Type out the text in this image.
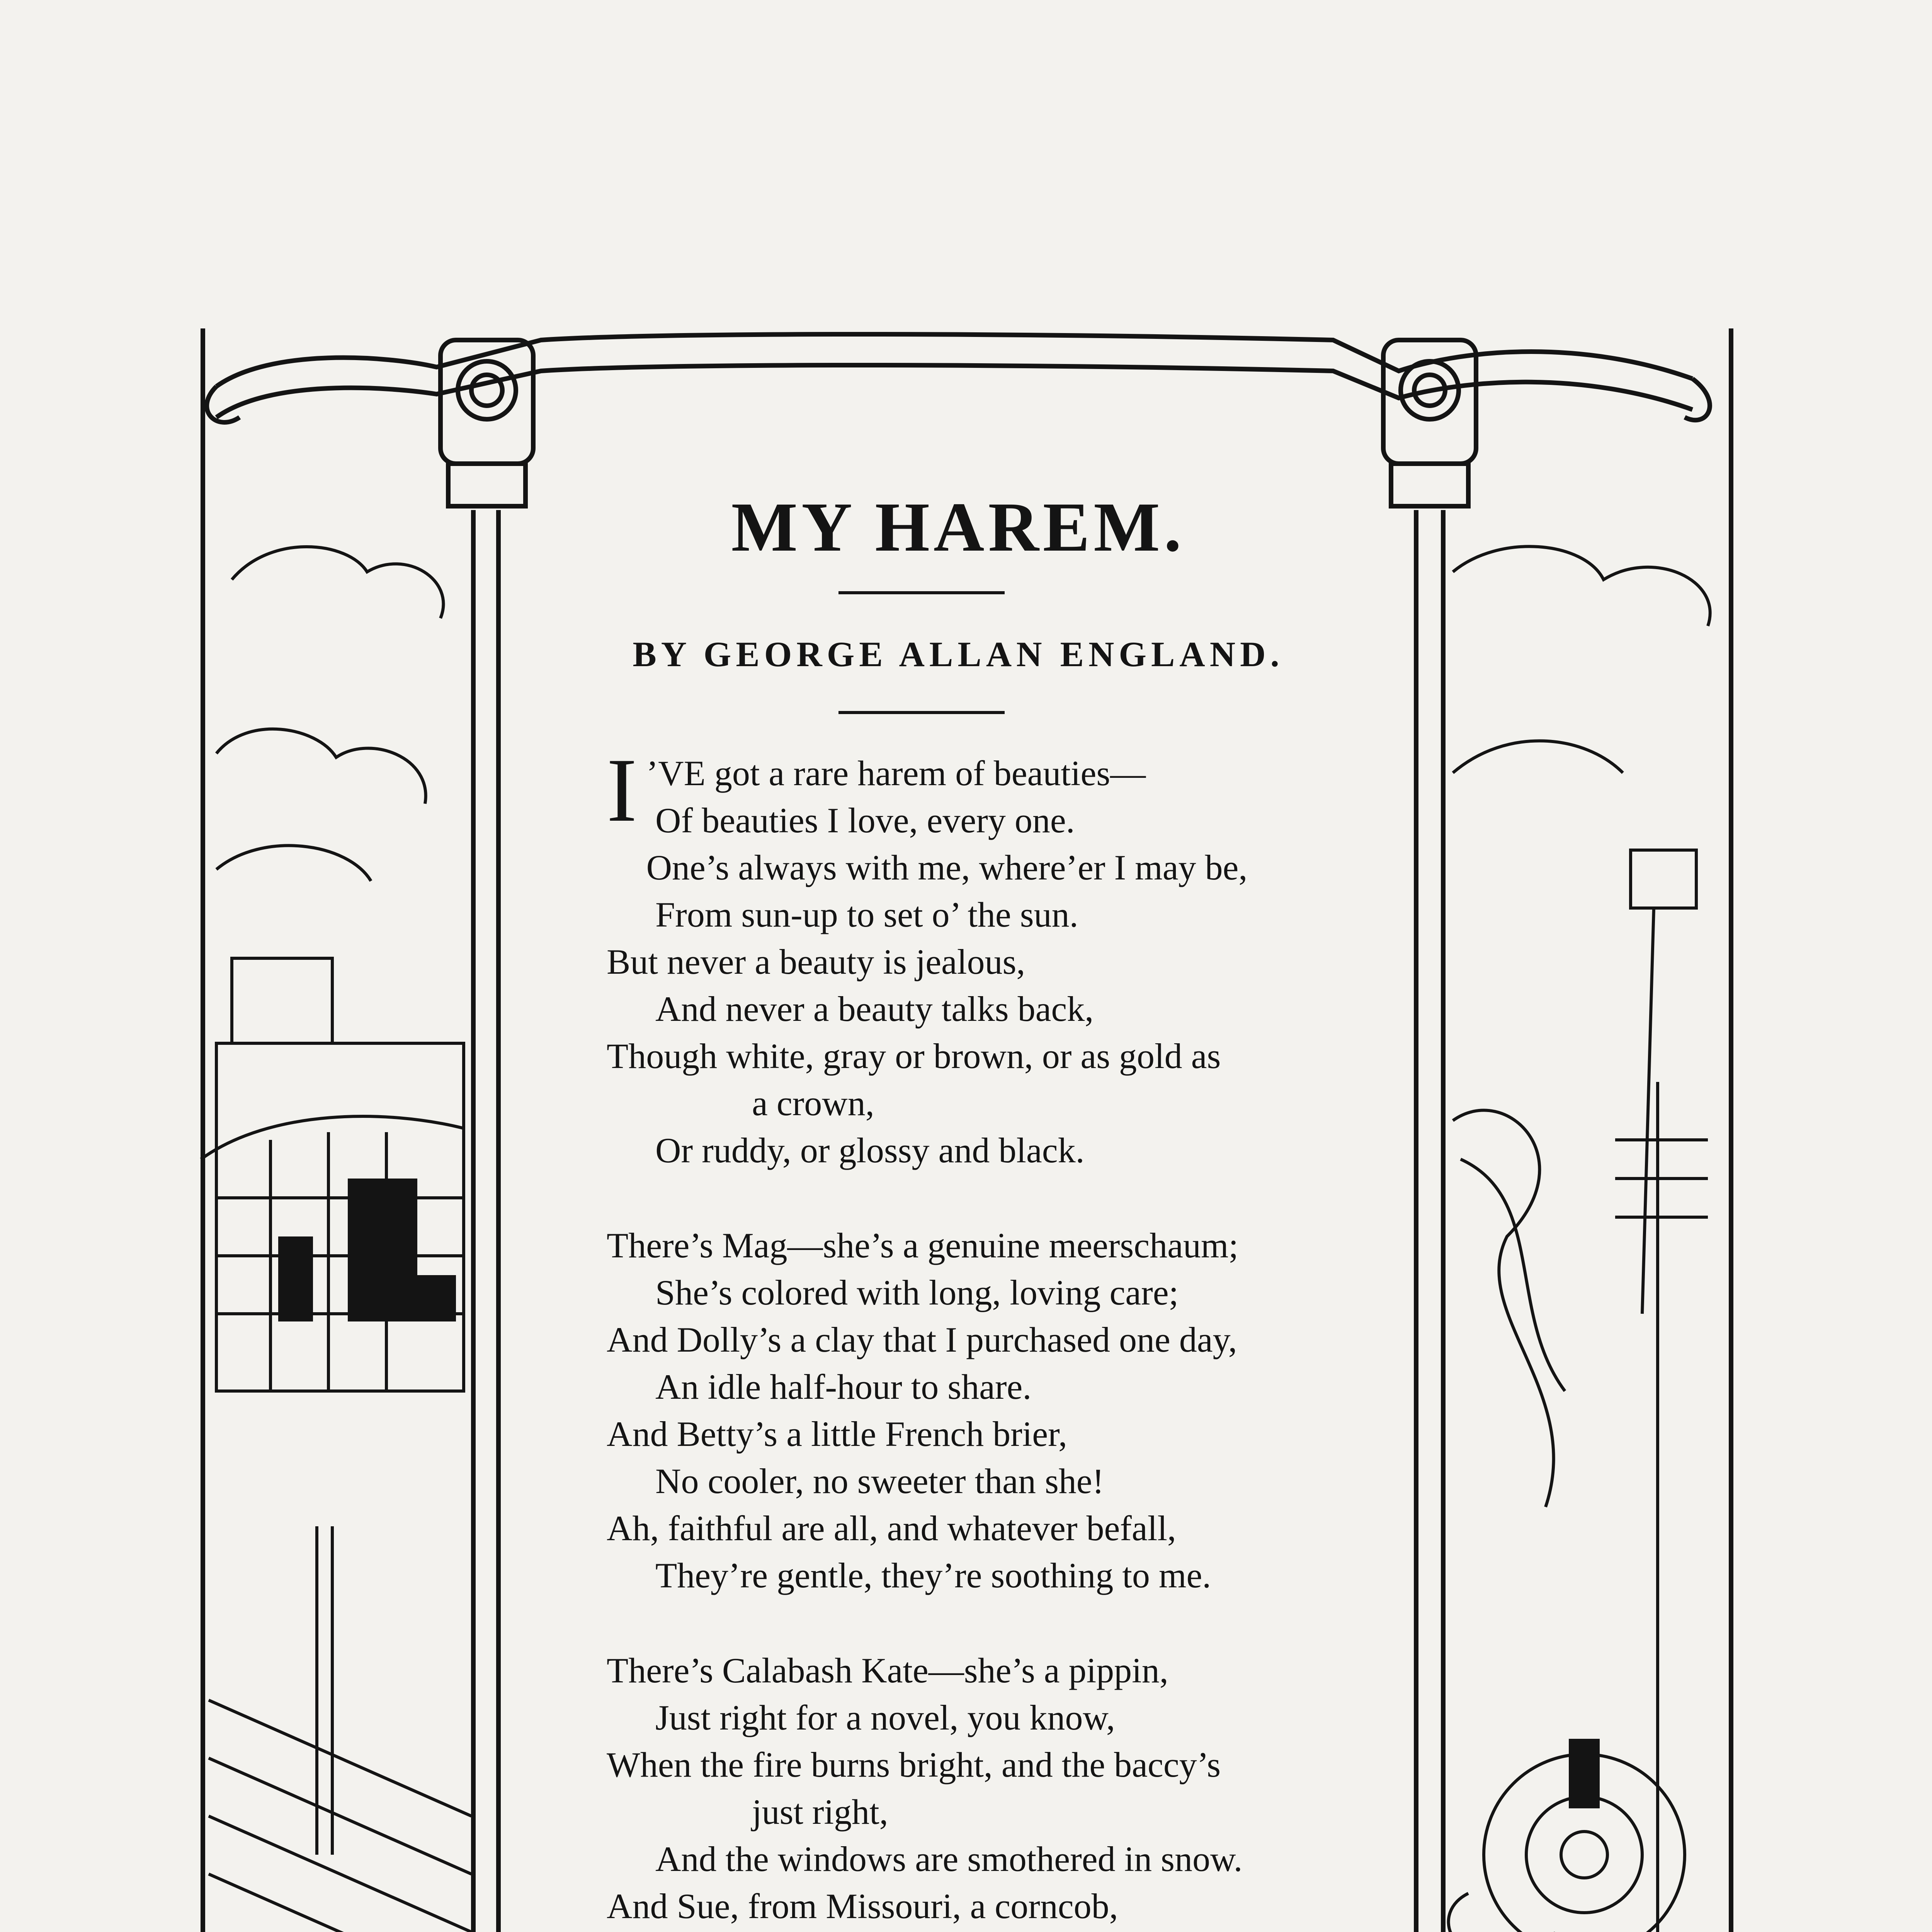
MY HAREM.
BY GEORGE ALLAN ENGLAND.
I ’VE got a rare harem of beauties—
Of beauties I love, every one.
One’s always with me, where’er I may be,
From sun-up to set o’ the sun.
But never a beauty is jealous,
And never a beauty talks back,
Though white, gray or brown, or as gold as
a crown,
Or ruddy, or glossy and black.
There’s Mag—she’s a genuine meerschaum;
She’s colored with long, loving care;
And Dolly’s a clay that I purchased one day,
An idle half-hour to share.
And Betty’s a little French brier,
No cooler, no sweeter than she!
Ah, faithful are all, and whatever befall,
They’re gentle, they’re soothing to me.
There’s Calabash Kate—she’s a pippin,
Just right for a novel, you know,
When the fire burns bright, and the baccy’s
just right,
And the windows are smothered in snow.
And Sue, from Missouri, a corncob,
